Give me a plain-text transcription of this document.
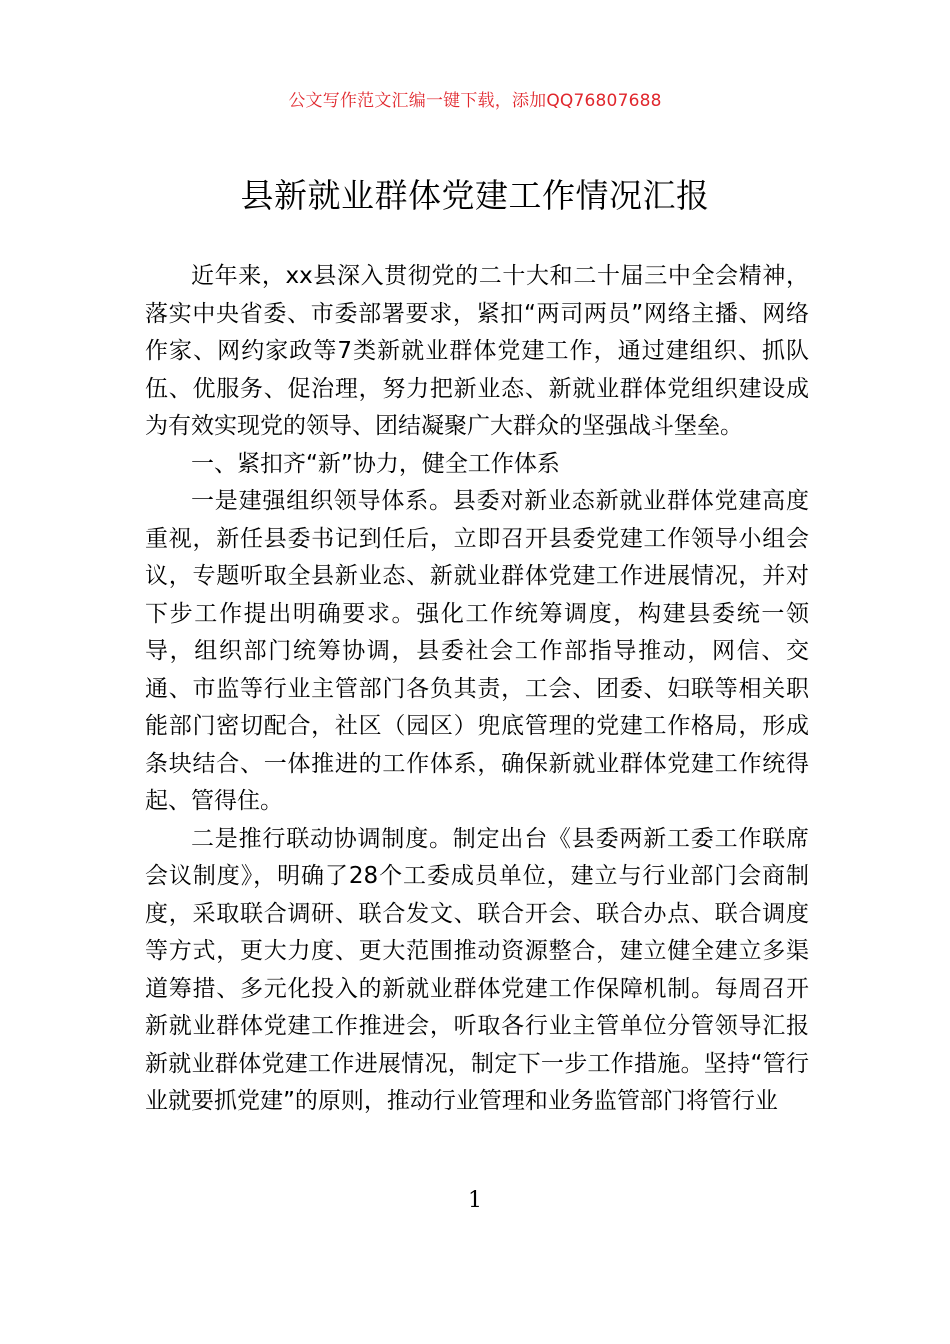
公文写作范文汇编一键下载，添加QQ76807688
县新就业群体党建工作情况汇报

近年来，xx县深入贯彻党的二十大和二十届三中全会精神，落实中央省委、市委部署要求，紧扣“两司两员”网络主播、网络作家、网约家政等7类新就业群体党建工作，通过建组织、抓队伍、优服务、促治理，努力把新业态、新就业群体党组织建设成为有效实现党的领导、团结凝聚广大群众的坚强战斗堡垒。

一、紧扣齐“新”协力，健全工作体系

一是建强组织领导体系。县委对新业态新就业群体党建高度重视，新任县委书记到任后，立即召开县委党建工作领导小组会议，专题听取全县新业态、新就业群体党建工作进展情况，并对下步工作提出明确要求。强化工作统筹调度，构建县委统一领导，组织部门统筹协调，县委社会工作部指导推动，网信、交通、市监等行业主管部门各负其责，工会、团委、妇联等相关职能部门密切配合，社区（园区）兜底管理的党建工作格局，形成条块结合、一体推进的工作体系，确保新就业群体党建工作统得起、管得住。

二是推行联动协调制度。制定出台《县委两新工委工作联席会议制度》，明确了28个工委成员单位，建立与行业部门会商制度，采取联合调研、联合发文、联合开会、联合办点、联合调度等方式，更大力度、更大范围推动资源整合，建立健全建立多渠道筹措、多元化投入的新就业群体党建工作保障机制。每周召开新就业群体党建工作推进会，听取各行业主管单位分管领导汇报新就业群体党建工作进展情况，制定下一步工作措施。坚持“管行业就要抓党建”的原则，推动行业管理和业务监管部门将管行业

1
